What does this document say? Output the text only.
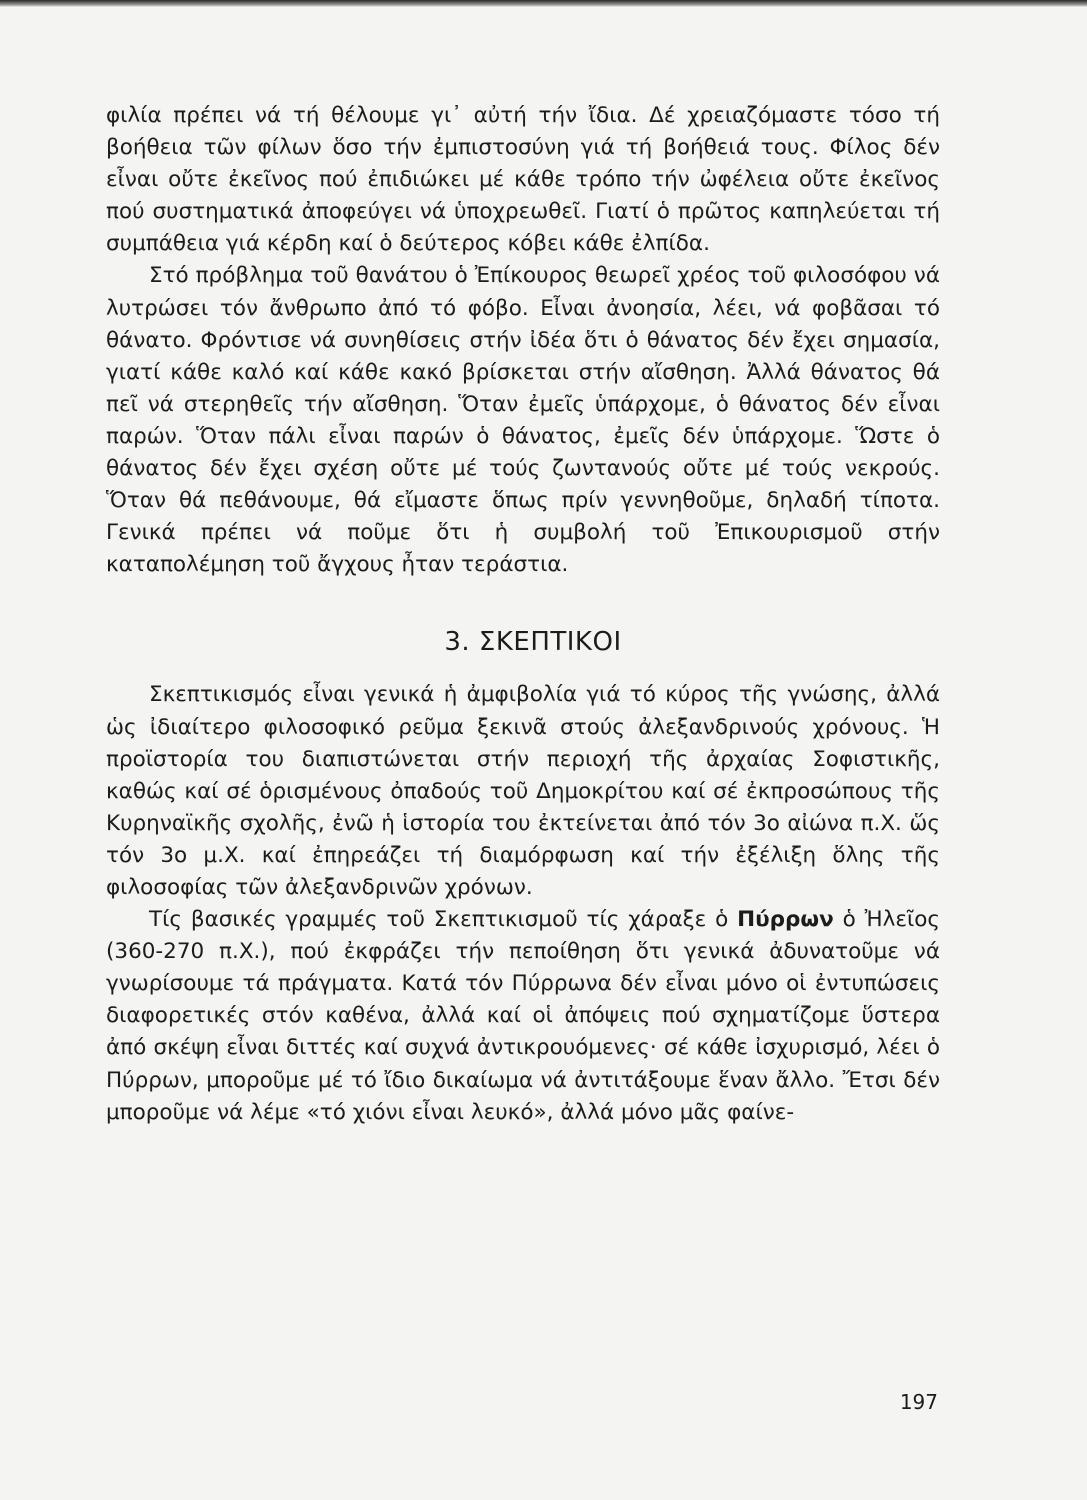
φιλία πρέπει νά τή θέλουμε γι᾿ αὐτή τήν ἴδια. Δέ χρειαζόμαστε τόσο τή βοήθεια τῶν φίλων ὅσο τήν ἐμπιστοσύνη γιά τή βοήθειά τους. Φίλος δέν εἶναι οὔτε ἐκεῖνος πού ἐπιδιώκει μέ κάθε τρόπο τήν ὠφέλεια οὔτε ἐκεῖνος πού συστηματικά ἀποφεύγει νά ὑποχρεωθεῖ. Γιατί ὁ πρῶτος καπηλεύεται τή συμπάθεια γιά κέρδη καί ὁ δεύτερος κόβει κάθε ἐλπίδα.

Στό πρόβλημα τοῦ θανάτου ὁ Ἐπίκουρος θεωρεῖ χρέος τοῦ φιλοσόφου νά λυτρώσει τόν ἄνθρωπο ἀπό τό φόβο. Εἶναι ἀνοησία, λέει, νά φοβᾶσαι τό θάνατο. Φρόντισε νά συνηθίσεις στήν ἰδέα ὅτι ὁ θάνατος δέν ἔχει σημασία, γιατί κάθε καλό καί κάθε κακό βρίσκεται στήν αἴσθηση. Ἀλλά θάνατος θά πεῖ νά στερηθεῖς τήν αἴσθηση. Ὅταν ἐμεῖς ὑπάρχομε, ὁ θάνατος δέν εἶναι παρών. Ὅταν πάλι εἶναι παρών ὁ θάνατος, ἐμεῖς δέν ὑπάρχομε. Ὥστε ὁ θάνατος δέν ἔχει σχέση οὔτε μέ τούς ζωντανούς οὔτε μέ τούς νεκρούς. Ὅταν θά πεθάνουμε, θά εἴμαστε ὅπως πρίν γεννηθοῦμε, δηλαδή τίποτα. Γενικά πρέπει νά ποῦμε ὅτι ἡ συμβολή τοῦ Ἐπικουρισμοῦ στήν καταπολέμηση τοῦ ἄγχους ἦταν τεράστια.

3. ΣΚΕΠΤΙΚΟΙ

Σκεπτικισμός εἶναι γενικά ἡ ἀμφιβολία γιά τό κύρος τῆς γνώσης, ἀλλά ὡς ἰδιαίτερο φιλοσοφικό ρεῦμα ξεκινᾶ στούς ἀλεξανδρινούς χρόνους. Ἡ προϊστορία του διαπιστώνεται στήν περιοχή τῆς ἀρχαίας Σοφιστικῆς, καθώς καί σέ ὁρισμένους ὀπαδούς τοῦ Δημοκρίτου καί σέ ἐκπροσώπους τῆς Κυρηναϊκῆς σχολῆς, ἐνῶ ἡ ἱστορία του ἐκτείνεται ἀπό τόν 3ο αἰώνα π.Χ. ὥς τόν 3ο μ.Χ. καί ἐπηρεάζει τή διαμόρφωση καί τήν ἐξέλιξη ὅλης τῆς φιλοσοφίας τῶν ἀλεξανδρινῶν χρόνων.

Τίς βασικές γραμμές τοῦ Σκεπτικισμοῦ τίς χάραξε ὁ Πύρρων ὁ Ἠλεῖος (360-270 π.Χ.), πού ἐκφράζει τήν πεποίθηση ὅτι γενικά ἀδυνατοῦμε νά γνωρίσουμε τά πράγματα. Κατά τόν Πύρρωνα δέν εἶναι μόνο οἱ ἐντυπώσεις διαφορετικές στόν καθένα, ἀλλά καί οἱ ἀπόψεις πού σχηματίζομε ὕστερα ἀπό σκέψη εἶναι διττές καί συχνά ἀντικρουόμενες· σέ κάθε ἰσχυρισμό, λέει ὁ Πύρρων, μποροῦμε μέ τό ἴδιο δικαίωμα νά ἀντιτάξουμε ἕναν ἄλλο. Ἔτσι δέν μποροῦμε νά λέμε «τό χιόνι εἶναι λευκό», ἀλλά μόνο μᾶς φαίνε-

197
